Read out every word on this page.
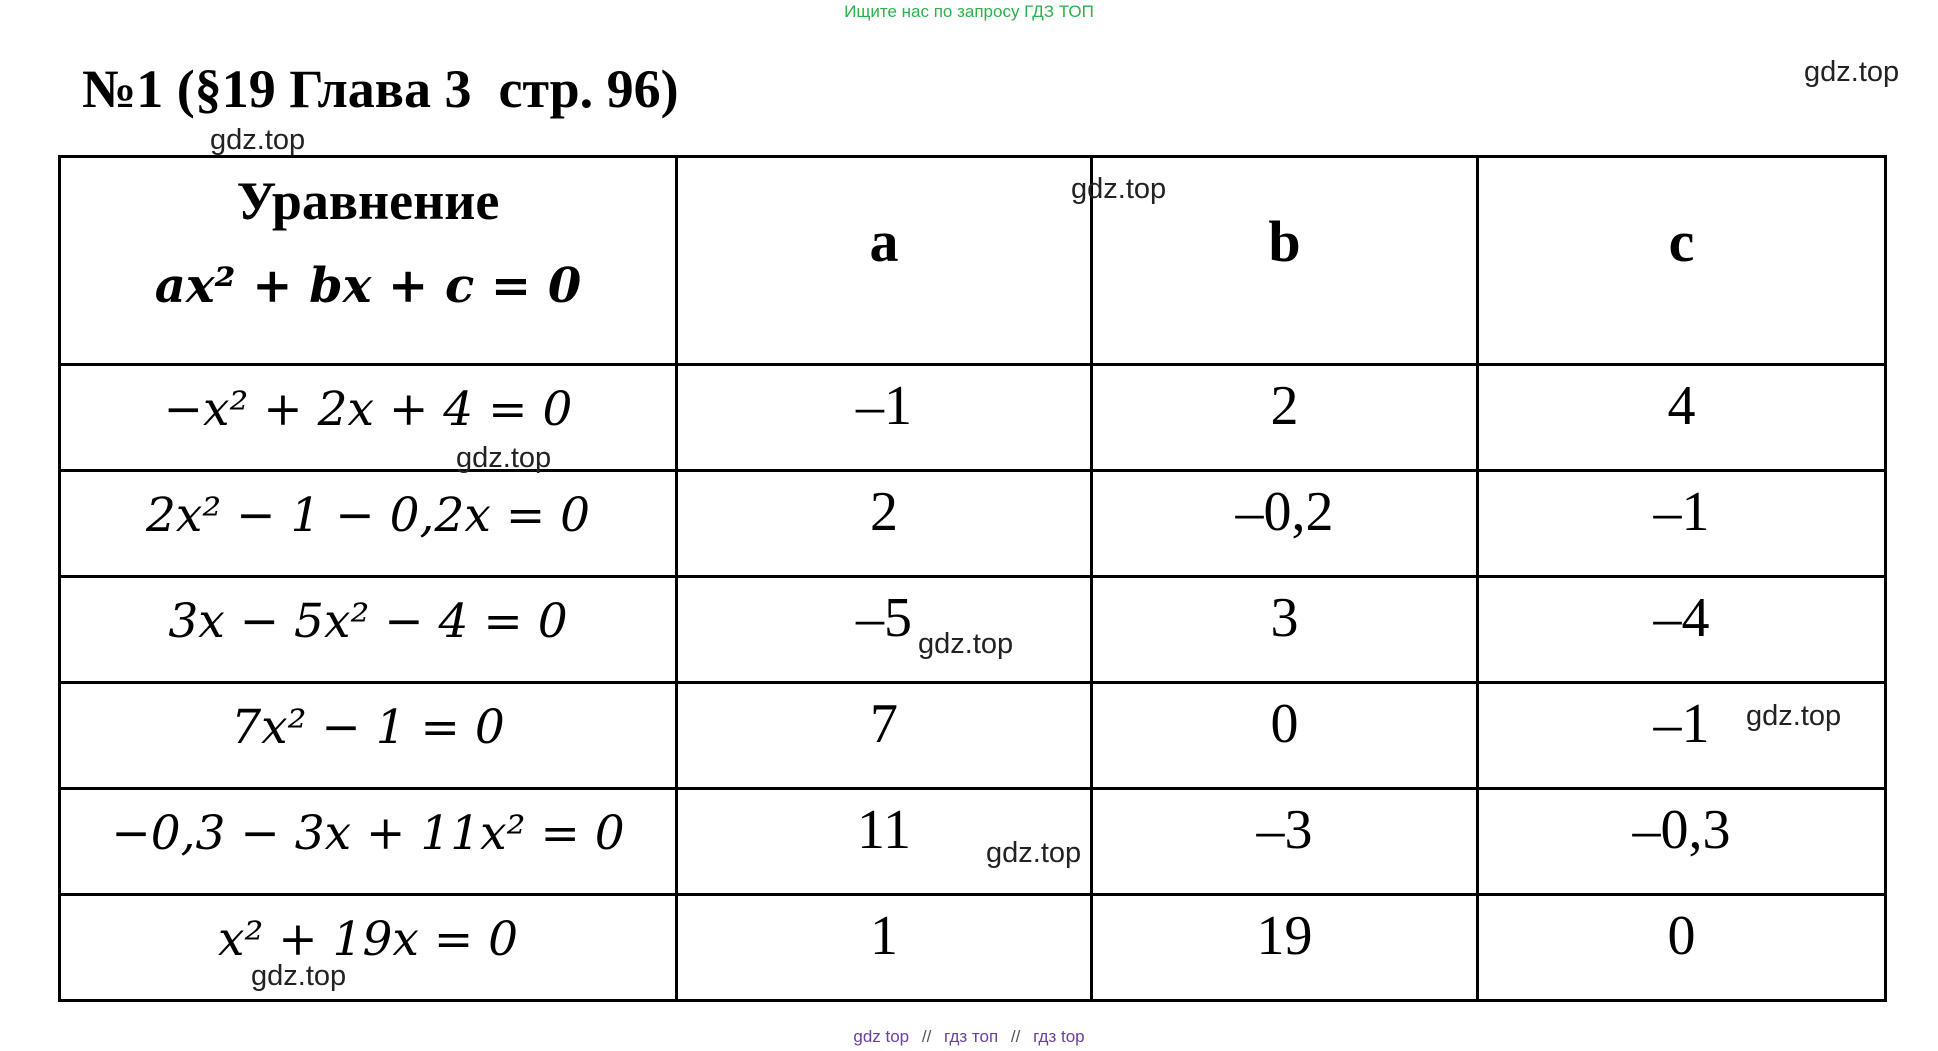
Ищите нас по запросу ГДЗ ТОП
№1 (§19 Глава 3  стр. 96)
Уравнение
ax² + bx + c = 0	a	b	c

−x² + 2x + 4 = 0	–1	2	4

2x² − 1 − 0,2x = 0	2	–0,2	–1

3x − 5x² − 4 = 0	–5	3	–4

7x² − 1 = 0	7	0	–1

−0,3 − 3x + 11x² = 0	11	–3	–0,3

x² + 19x = 0	1	19	0
gdz.top
gdz.top
gdz.top
gdz.top
gdz.top
gdz.top
gdz.top
gdz.top
gdz top // гдз топ // гдз top
